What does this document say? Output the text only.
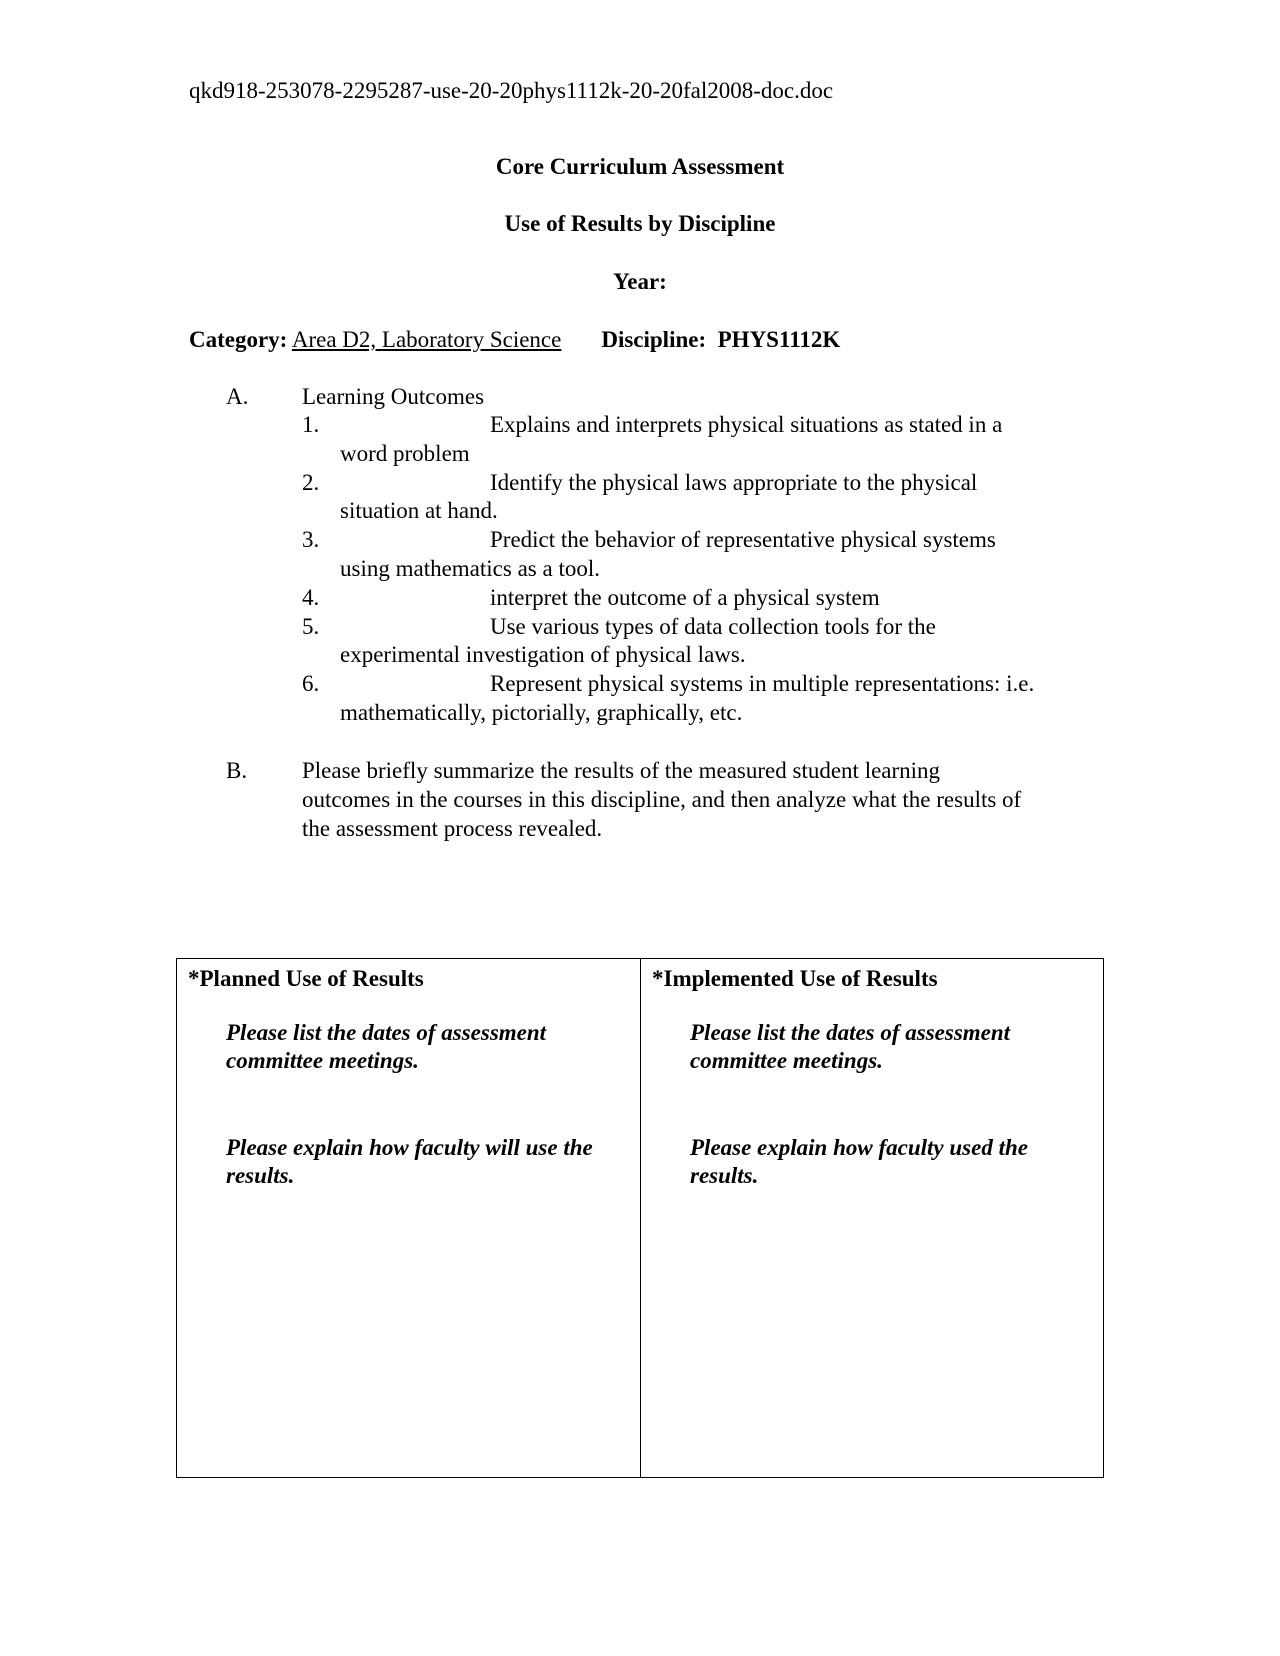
qkd918-253078-2295287-use-20-20phys1112k-20-20fal2008-doc.doc
Core Curriculum Assessment
Use of Results by Discipline
Year:
Category: Area D2, Laboratory Science Discipline: PHYS1112K
A. Learning Outcomes
1.	Explains and interprets physical situations as stated in a
word problem
2.	Identify the physical laws appropriate to the physical
situation at hand.
3.	Predict the behavior of representative physical systems
using mathematics as a tool.
4.	interpret the outcome of a physical system
5.	Use various types of data collection tools for the
experimental investigation of physical laws.
6.	Represent physical systems in multiple representations: i.e.
mathematically, pictorially, graphically, etc.
B. Please briefly summarize the results of the measured student learning
outcomes in the courses in this discipline, and then analyze what the results of
the assessment process revealed.
*Planned Use of Results
Please list the dates of assessment committee meetings.
Please explain how faculty will use the results.
*Implemented Use of Results
Please list the dates of assessment committee meetings.
Please explain how faculty used the results.
